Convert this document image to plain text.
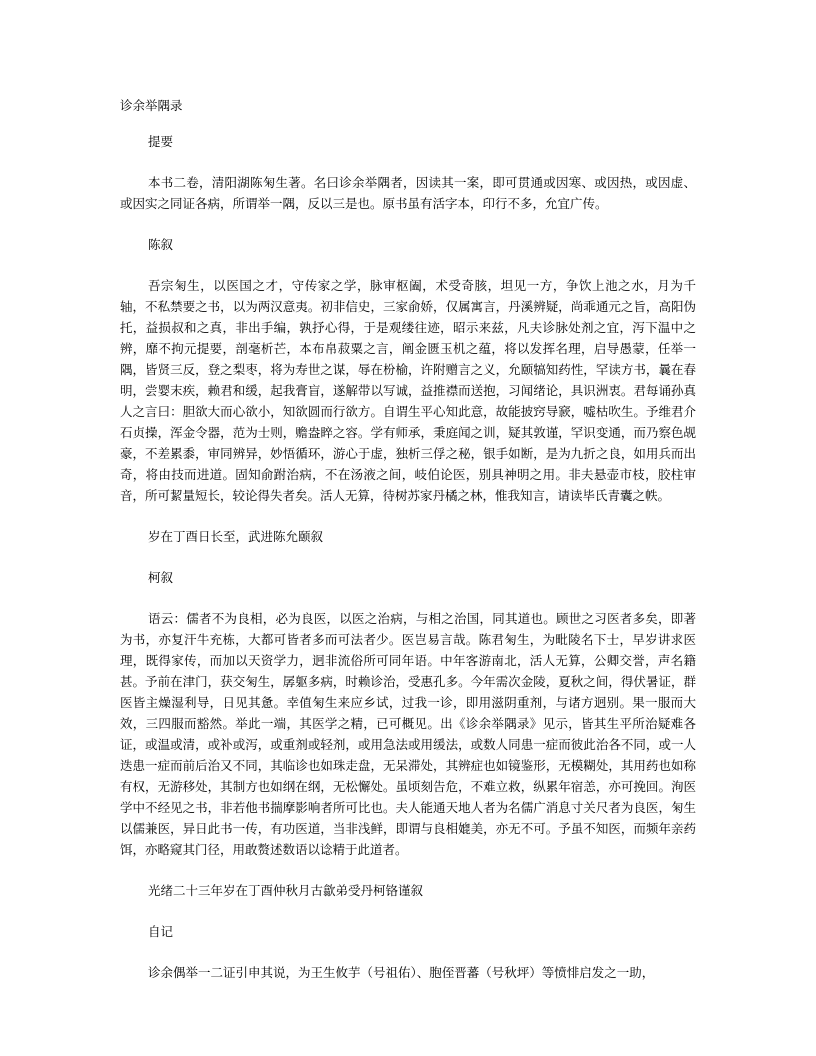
诊余举隅录

提要

本书二卷，清阳湖陈匊生著。名曰诊余举隅者，因读其一案，即可贯通或因寒、或因热，或因虚、或因实之同证各病，所谓举一隅，反以三是也。原书虽有活字本，印行不多，允宜广传。

陈叙

吾宗匊生，以医国之才，守传家之学，脉审枢阖，术受奇胲，坦见一方，争饮上池之水，月为千轴，不私禁要之书，以为两汉意夷。初非信史，三家俞娇，仅属寓言，丹溪辨疑，尚乖通元之旨，高阳伪托，益损叔和之真，非出手编，孰抒心得，于是观缕往迹，昭示来兹，凡夫诊脉处剂之宜，泻下温中之辨，靡不拘元提要，剖毫析芒，本布帛菽粟之言，阐金匮玉机之蕴，将以发挥名理，启导愚蒙，任举一隅，皆贤三反，登之梨枣，将为寿世之谋，辱在枌榆，许附赠言之义，允颐犒知药性，罕读方书，曩在春明，尝婴末疾，赖君和缓，起我膏盲，遂解带以写诚，益推襟而送抱，习闻绪论，具识洲衷。君每诵孙真人之言曰：胆欲大而心欲小，知欲圆而行欲方。自谓生平心知此意，故能披窍导窾，嘘枯吹生。予维君介石贞操，浑金令器，范为士则，赡盎睟之容。学有师承，秉庭闻之训，疑其敦谨，罕识变通，而乃察色觇豪，不差累黍，审同辨异，妙悟循环，游心于虚，独析三俘之秘，银手如断，是为九折之良，如用兵而出奇，将由技而进道。固知俞跗治病，不在汤液之间，岐伯论医，别具神明之用。非夫悬壶市枝，胶柱审音，所可絜量短长，较论得失者矣。活人无算，待树苏家丹橘之林，惟我知言，请读毕氏青囊之帙。

岁在丁酉日长至，武进陈允颐叙

柯叙

语云：儒者不为良相，必为良医，以医之治病，与相之治国，同其道也。顾世之习医者多矣，即著为书，亦复汗牛充栋，大都可皆者多而可法者少。医岂易言哉。陈君匊生，为毗陵名下士，早岁讲求医理，既得家传，而加以天资学力，迥非流俗所可同年语。中年客游南北，活人无算，公卿交誉，声名籍甚。予前在津门，获交匊生，孱躯多病，时赖诊治，受惠孔多。今年需次金陵，夏秋之间，得伏暑证，群医皆主燥湿利导，日见其惫。幸值匊生来应乡试，过我一诊，即用滋阴重剂，与诸方迥别。果一服而大效，三四服而豁然。举此一端，其医学之精，已可概见。出《诊余举隅录》见示，皆其生平所治疑难各证，或温或清，或补或泻，或重剂或轻剂，或用急法或用缓法，或数人同患一症而彼此治各不同，或一人迭患一症而前后治又不同，其临诊也如珠走盘，无呆滞处，其辨症也如镜鉴形，无模糊处，其用药也如称有权，无游移处，其制方也如纲在纲，无松懈处。虽顷刻告危，不难立救，纵累年宿恙，亦可挽回。洵医学中不经见之书，非若他书揣摩影响者所可比也。夫人能通天地人者为名儒广消息寸关尺者为良医，匊生以儒兼医，异日此书一传，有功医道，当非浅鲜，即谓与良相媲美，亦无不可。予虽不知医，而频年亲药饵，亦略窥其门径，用敢赘述数语以谂精于此道者。

光绪二十三年岁在丁酉仲秋月古歙弟受丹柯铬谨叙

自记

诊余偶举一二证引申其说，为王生攸芋（号祖佑）、胞侄晋蕃（号秋坪）等愤悱启发之一助，
